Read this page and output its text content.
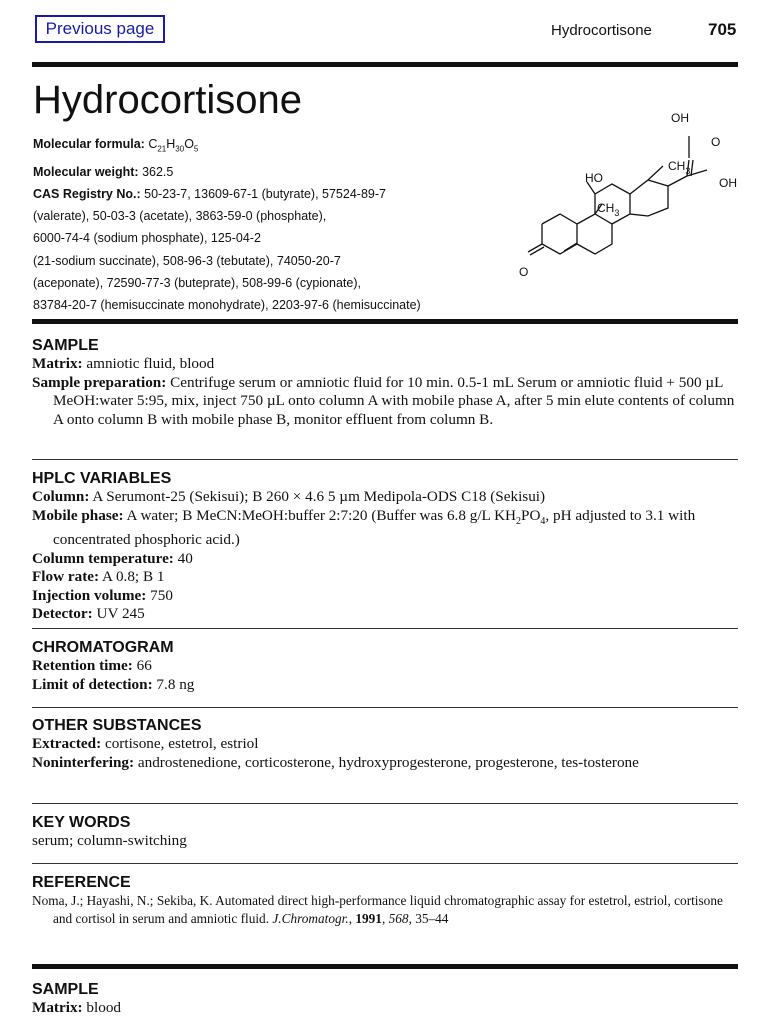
Previous page	Hydrocortisone	705
Hydrocortisone
Molecular formula: $C_{21}H_{30}O_5$
Molecular weight: 362.5
CAS Registry No.: 50-23-7, 13609-67-1 (butyrate), 57524-89-7
(valerate), 50-03-3 (acetate), 3863-59-0 (phosphate),
6000-74-4 (sodium phosphate), 125-04-2
(21-sodium succinate), 508-96-3 (tebutate), 74050-20-7
(aceponate), 72590-77-3 (buteprate), 508-99-6 (cypionate),
83784-20-7 (hemisuccinate monohydrate), 2203-97-6 (hemisuccinate)
OH
O
$CH_3$
HO	OH
$CH_3$
O
SAMPLE

Matrix: amniotic fluid, blood

Sample preparation: Centrifuge serum or amniotic fluid for 10 min. 0.5-1 mL Serum or amniotic fluid + 500 µL MeOH:water 5:95, mix, inject 750 µL onto column A with mobile phase A, after 5 min elute contents of column A onto column B with mobile phase B, monitor effluent from column B.

HPLC VARIABLES

Column: A Serumont-25 (Sekisui); B 260 × 4.6 5 µm Medipola-ODS C18 (Sekisui)

Mobile phase: A water; B MeCN:MeOH:buffer 2:7:20 (Buffer was 6.8 g/L $KH_2PO_4$, pH adjusted to 3.1 with concentrated phosphoric acid.)

Column temperature: 40

Flow rate: A 0.8; B 1

Injection volume: 750

Detector: UV 245

CHROMATOGRAM

Retention time: 66

Limit of detection: 7.8 ng

OTHER SUBSTANCES

Extracted: cortisone, estetrol, estriol

Noninterfering: androstenedione, corticosterone, hydroxyprogesterone, progesterone, tes-tosterone

KEY WORDS

serum; column-switching

REFERENCE

Noma, J.; Hayashi, N.; Sekiba, K. Automated direct high-performance liquid chromatographic assay for estetrol, estriol, cortisone and cortisol in serum and amniotic fluid. J.Chromatogr., 1991, 568, 35–44

SAMPLE

Matrix: blood
